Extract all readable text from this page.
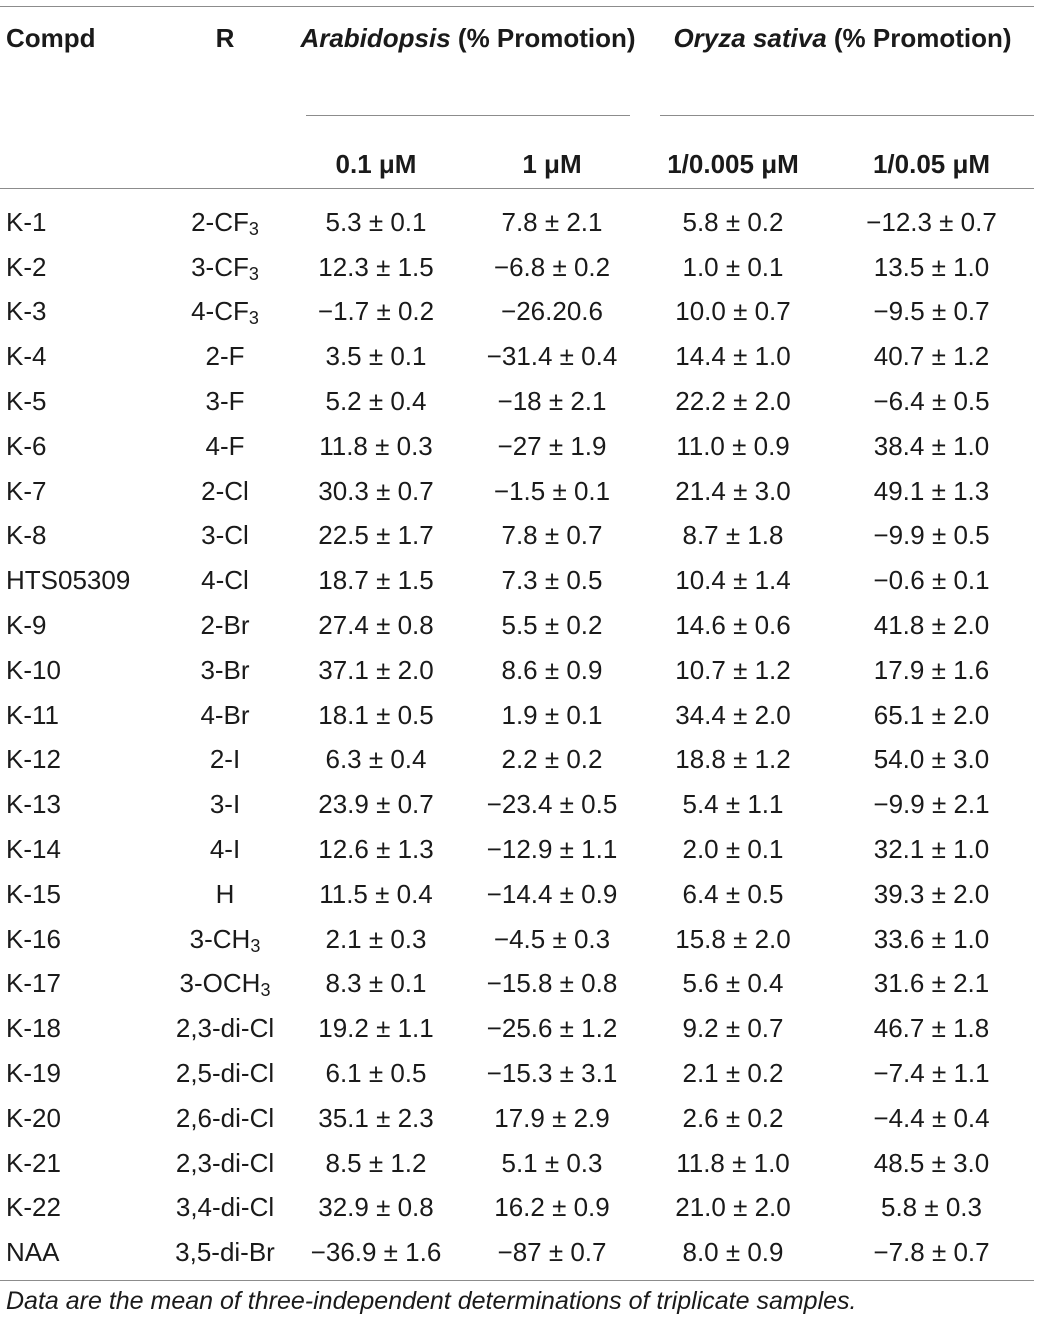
Compd	R	Arabidopsis (% Promotion)		Oryza sativa (% Promotion)	

		0.1 μM	1 μM	1/0.005 μM	1/0.05 μM
K-1	$2-CF_3$	5.3 ± 0.1	7.8 ± 2.1	5.8 ± 0.2	−12.3 ± 0.7
K-2	$3-CF_3$	12.3 ± 1.5	−6.8 ± 0.2	1.0 ± 0.1	13.5 ± 1.0
K-3	$4-CF_3$	−1.7 ± 0.2	−26.20.6	10.0 ± 0.7	−9.5 ± 0.7
K-4	2-F	3.5 ± 0.1	−31.4 ± 0.4	14.4 ± 1.0	40.7 ± 1.2
K-5	3-F	5.2 ± 0.4	−18 ± 2.1	22.2 ± 2.0	−6.4 ± 0.5
K-6	4-F	11.8 ± 0.3	−27 ± 1.9	11.0 ± 0.9	38.4 ± 1.0
K-7	2-Cl	30.3 ± 0.7	−1.5 ± 0.1	21.4 ± 3.0	49.1 ± 1.3
K-8	3-Cl	22.5 ± 1.7	7.8 ± 0.7	8.7 ± 1.8	−9.9 ± 0.5
HTS05309	4-Cl	18.7 ± 1.5	7.3 ± 0.5	10.4 ± 1.4	−0.6 ± 0.1
K-9	2-Br	27.4 ± 0.8	5.5 ± 0.2	14.6 ± 0.6	41.8 ± 2.0
K-10	3-Br	37.1 ± 2.0	8.6 ± 0.9	10.7 ± 1.2	17.9 ± 1.6
K-11	4-Br	18.1 ± 0.5	1.9 ± 0.1	34.4 ± 2.0	65.1 ± 2.0
K-12	2-I	6.3 ± 0.4	2.2 ± 0.2	18.8 ± 1.2	54.0 ± 3.0
K-13	3-I	23.9 ± 0.7	−23.4 ± 0.5	5.4 ± 1.1	−9.9 ± 2.1
K-14	4-I	12.6 ± 1.3	−12.9 ± 1.1	2.0 ± 0.1	32.1 ± 1.0
K-15	H	11.5 ± 0.4	−14.4 ± 0.9	6.4 ± 0.5	39.3 ± 2.0
K-16	$3-CH_3$	2.1 ± 0.3	−4.5 ± 0.3	15.8 ± 2.0	33.6 ± 1.0
K-17	$3-OCH_3$	8.3 ± 0.1	−15.8 ± 0.8	5.6 ± 0.4	31.6 ± 2.1
K-18	2,3-di-Cl	19.2 ± 1.1	−25.6 ± 1.2	9.2 ± 0.7	46.7 ± 1.8
K-19	2,5-di-Cl	6.1 ± 0.5	−15.3 ± 3.1	2.1 ± 0.2	−7.4 ± 1.1
K-20	2,6-di-Cl	35.1 ± 2.3	17.9 ± 2.9	2.6 ± 0.2	−4.4 ± 0.4
K-21	2,3-di-Cl	8.5 ± 1.2	5.1 ± 0.3	11.8 ± 1.0	48.5 ± 3.0
K-22	3,4-di-Cl	32.9 ± 0.8	16.2 ± 0.9	21.0 ± 2.0	5.8 ± 0.3
NAA	3,5-di-Br	−36.9 ± 1.6	−87 ± 0.7	8.0 ± 0.9	−7.8 ± 0.7
Data are the mean of three-independent determinations of triplicate samples.
